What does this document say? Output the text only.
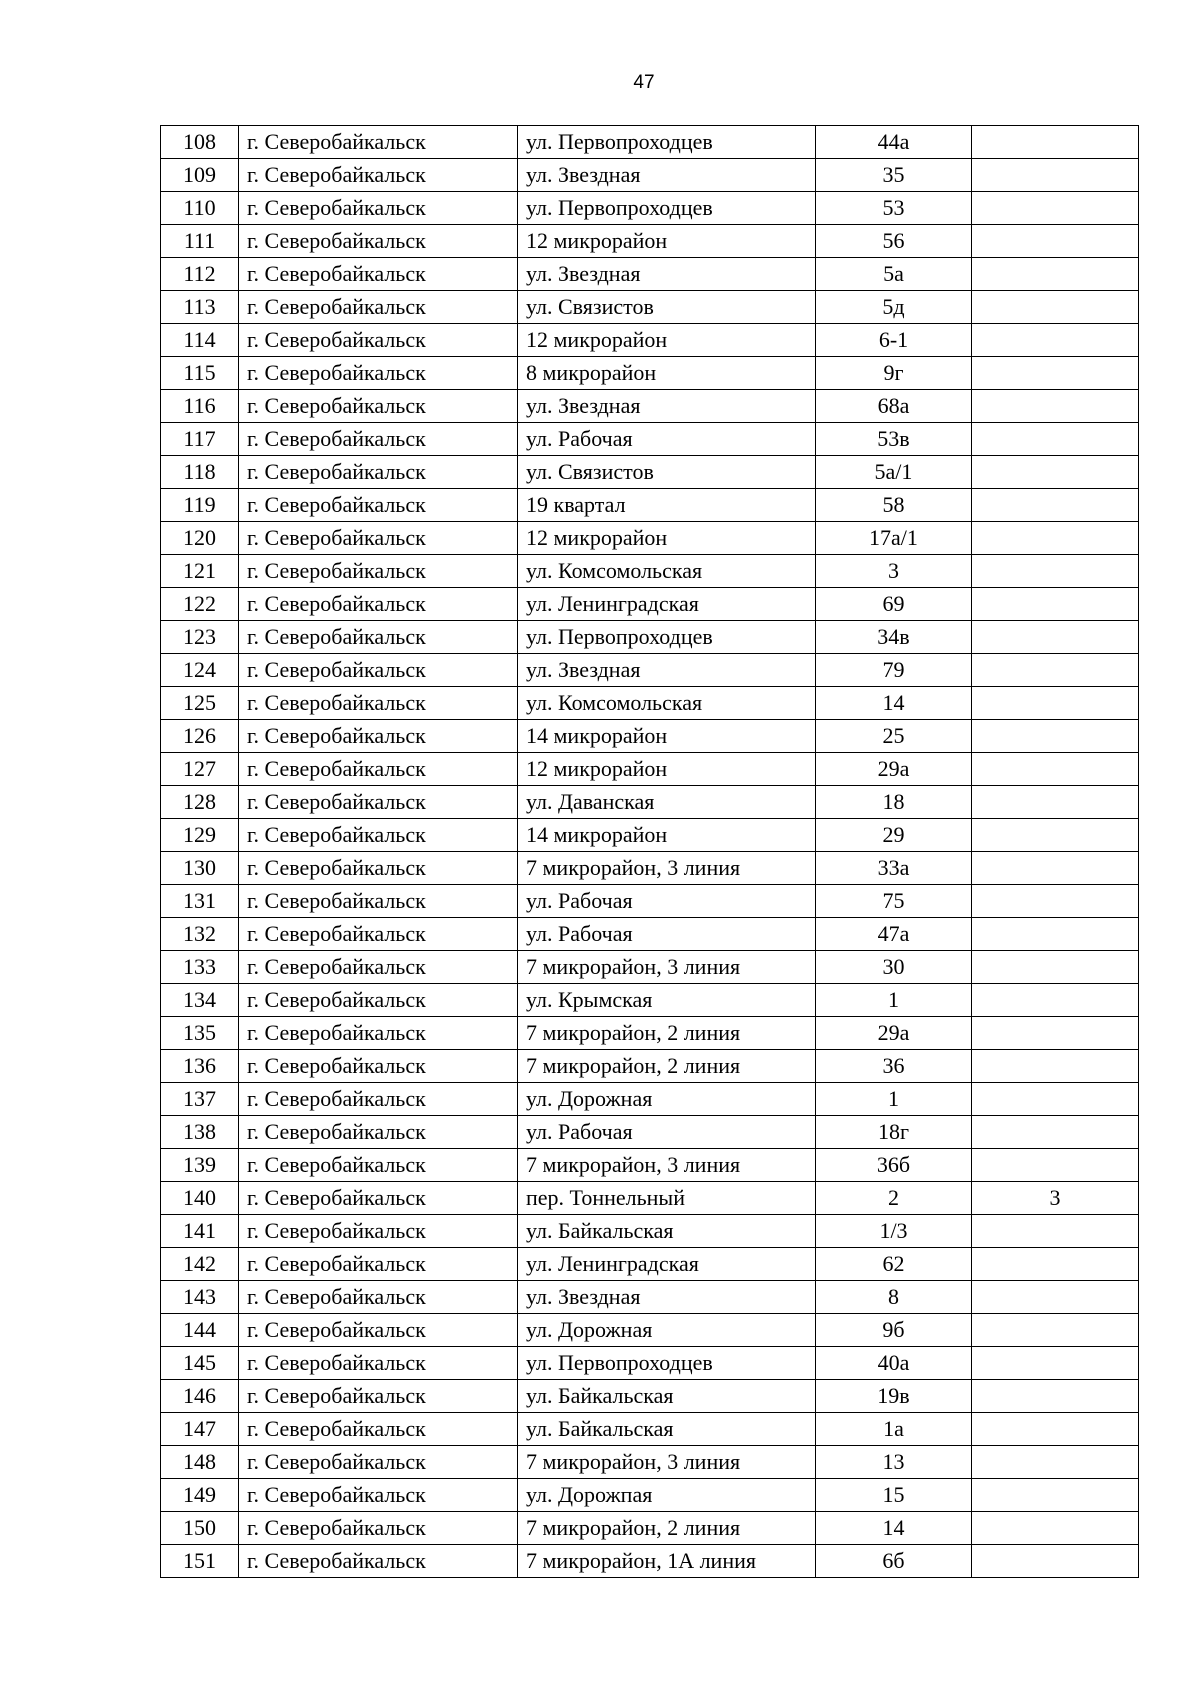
47
108	г. Северобайкальск	ул. Первопроходцев	44а	
109	г. Северобайкальск	ул. Звездная	35	
110	г. Северобайкальск	ул. Первопроходцев	53	
111	г. Северобайкальск	12 микрорайон	56	
112	г. Северобайкальск	ул. Звездная	5а	
113	г. Северобайкальск	ул. Связистов	5д	
114	г. Северобайкальск	12 микрорайон	6-1	
115	г. Северобайкальск	8 микрорайон	9г	
116	г. Северобайкальск	ул. Звездная	68а	
117	г. Северобайкальск	ул. Рабочая	53в	
118	г. Северобайкальск	ул. Связистов	5а/1	
119	г. Северобайкальск	19 квартал	58	
120	г. Северобайкальск	12 микрорайон	17а/1	
121	г. Северобайкальск	ул. Комсомольская	3	
122	г. Северобайкальск	ул. Ленинградская	69	
123	г. Северобайкальск	ул. Первопроходцев	34в	
124	г. Северобайкальск	ул. Звездная	79	
125	г. Северобайкальск	ул. Комсомольская	14	
126	г. Северобайкальск	14 микрорайон	25	
127	г. Северобайкальск	12 микрорайон	29а	
128	г. Северобайкальск	ул. Даванская	18	
129	г. Северобайкальск	14 микрорайон	29	
130	г. Северобайкальск	7 микрорайон, 3 линия	33а	
131	г. Северобайкальск	ул. Рабочая	75	
132	г. Северобайкальск	ул. Рабочая	47а	
133	г. Северобайкальск	7 микрорайон, 3 линия	30	
134	г. Северобайкальск	ул. Крымская	1	
135	г. Северобайкальск	7 микрорайон, 2 линия	29а	
136	г. Северобайкальск	7 микрорайон, 2 линия	36	
137	г. Северобайкальск	ул. Дорожная	1	
138	г. Северобайкальск	ул. Рабочая	18г	
139	г. Северобайкальск	7 микрорайон, 3 линия	36б	
140	г. Северобайкальск	пер. Тоннельный	2	3
141	г. Северобайкальск	ул. Байкальская	1/3	
142	г. Северобайкальск	ул. Ленинградская	62	
143	г. Северобайкальск	ул. Звездная	8	
144	г. Северобайкальск	ул. Дорожная	9б	
145	г. Северобайкальск	ул. Первопроходцев	40а	
146	г. Северобайкальск	ул. Байкальская	19в	
147	г. Северобайкальск	ул. Байкальская	1а	
148	г. Северобайкальск	7 микрорайон, 3 линия	13	
149	г. Северобайкальск	ул. Дорожпая	15	
150	г. Северобайкальск	7 микрорайон, 2 линия	14	
151	г. Северобайкальск	7 микрорайон, 1А линия	6б	
